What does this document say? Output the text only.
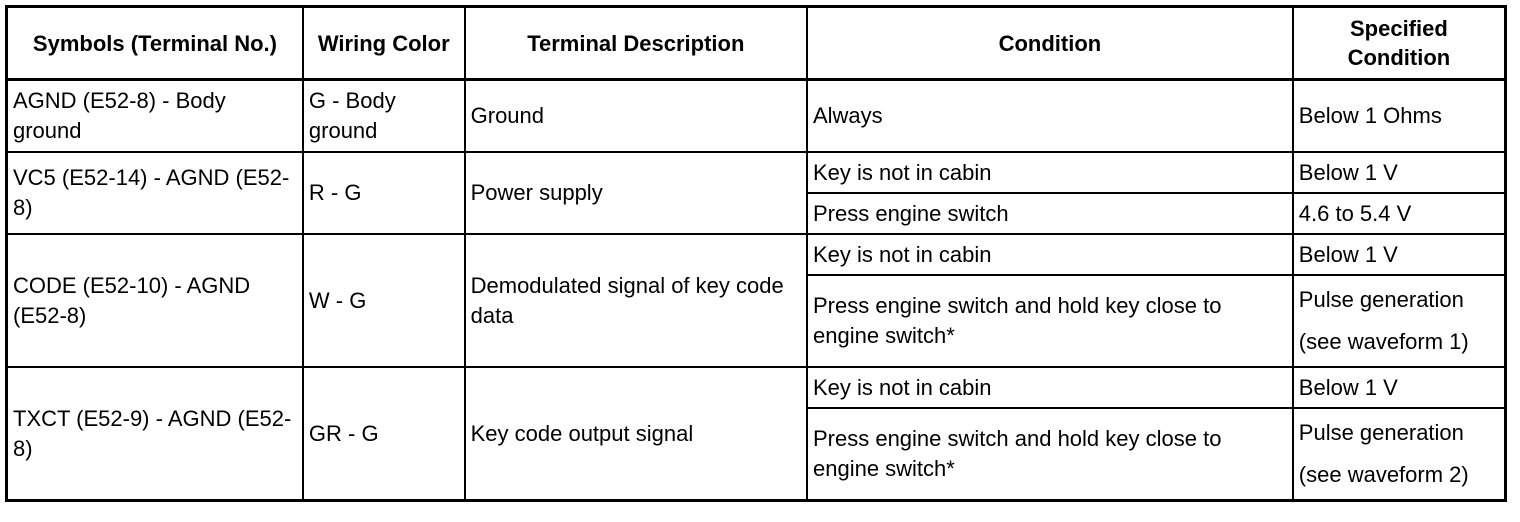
Symbols (Terminal No.)	Wiring Color	Terminal Description	Condition	Specified Condition
AGND (E52-8) - Body ground	G - Body ground	Ground	Always	Below 1 Ohms
VC5 (E52-14) - AGND (E52-8)	R - G	Power supply	Key is not in cabin	Below 1 V
			Press engine switch	4.6 to 5.4 V
CODE (E52-10) - AGND (E52-8)	W - G	Demodulated signal of key code data	Key is not in cabin	Below 1 V
			Press engine switch and hold key close to engine switch*	Pulse generation
(see waveform 1)

TXCT (E52-9) - AGND (E52-8)	GR - G	Key code output signal	Key is not in cabin	Below 1 V
			Press engine switch and hold key close to engine switch*	Pulse generation
(see waveform 2)
